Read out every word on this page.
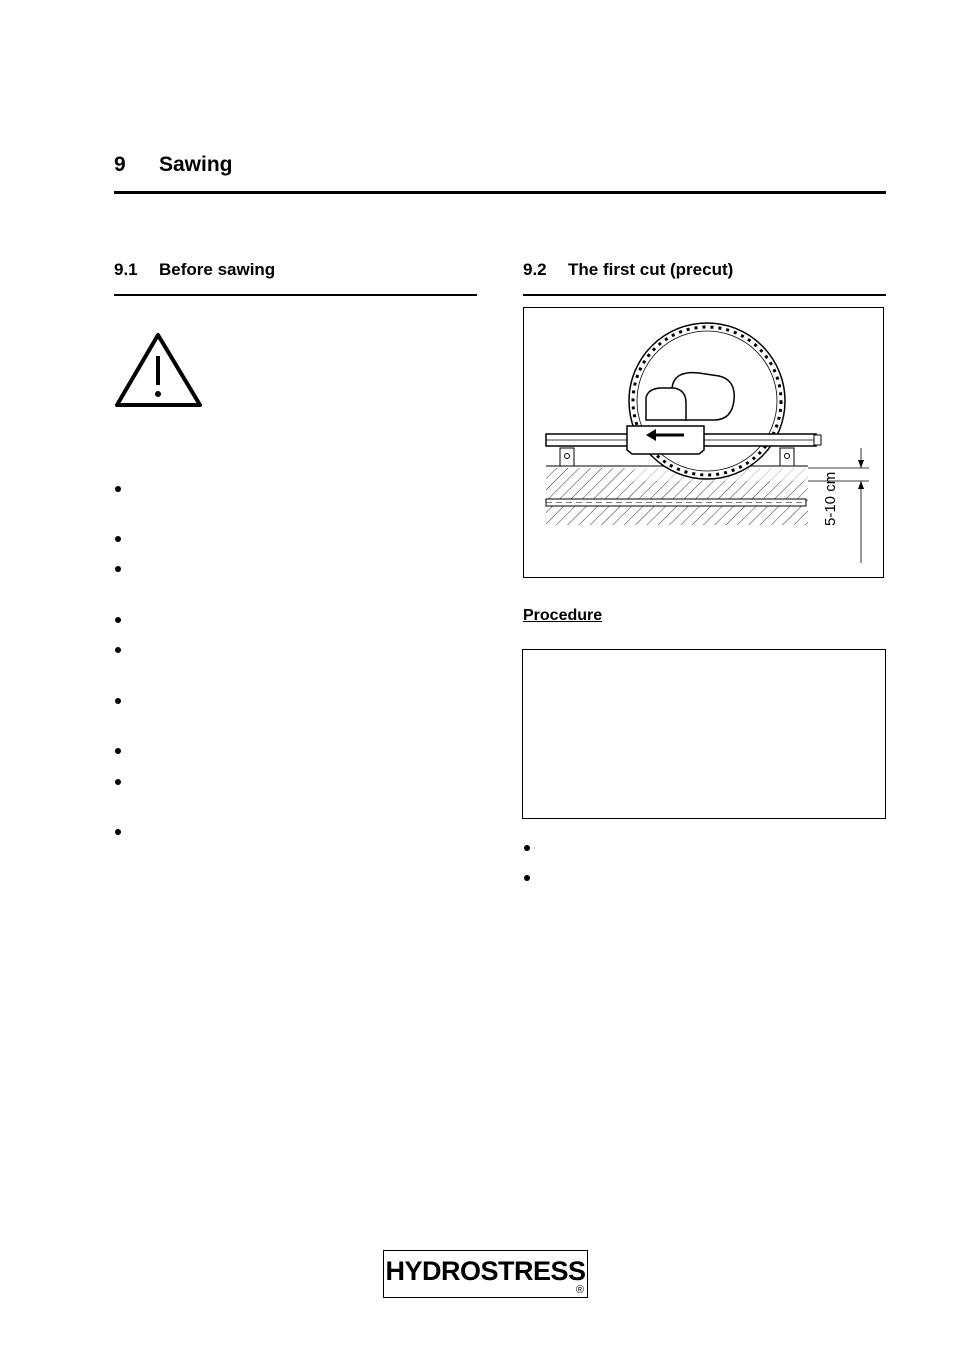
9 Sawing
9.1 Before sawing	9.2 The first cut (precut)
5-10 cm
Procedure
HYDROSTRESS
®
